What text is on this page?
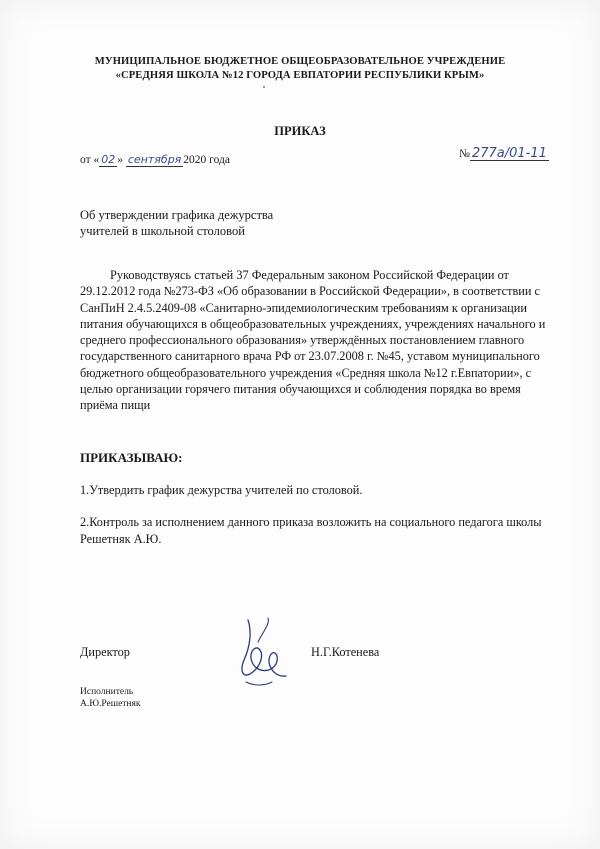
МУНИЦИПАЛЬНОЕ БЮДЖЕТНОЕ ОБЩЕОБРАЗОВАТЕЛЬНОЕ УЧРЕЖДЕНИЕ
«СРЕДНЯЯ ШКОЛА №12 ГОРОДА ЕВПАТОРИИ РЕСПУБЛИКИ КРЫМ»
ПРИКАЗ
от « 02 » сентября 2020 года	№ 277а/01-11
Об утверждении графика дежурства
учителей в школьной столовой
Руководствуясь статьей 37 Федеральным законом Российской Федерации от 29.12.2012 года №273-ФЗ «Об образовании в Российской Федерации», в соответствии с СанПиН 2.4.5.2409-08 «Санитарно-эпидемиологическим требованиям к организации питания обучающихся в общеобразовательных учреждениях, учреждениях начального и среднего профессионального образования» утверждённых постановлением главного государственного санитарного врача РФ от 23.07.2008 г. №45, уставом муниципального бюджетного общеобразовательного учреждения «Средняя школа №12 г.Евпатории», с целью организации горячего питания обучающихся и соблюдения порядка во время приёма пищи
ПРИКАЗЫВАЮ:
1.Утвердить график дежурства учителей по столовой.
2.Контроль за исполнением данного приказа возложить на социального педагога школы Решетняк А.Ю.
Директор	Н.Г.Котенева
Исполнитель
А.Ю.Решетняк
